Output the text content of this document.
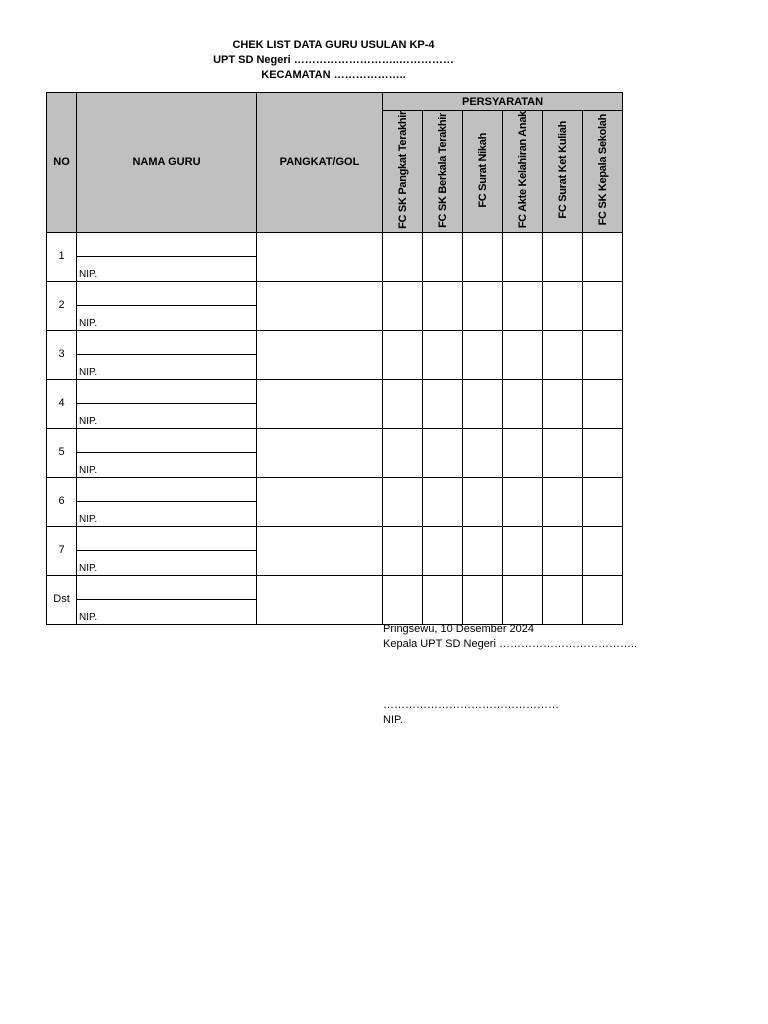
CHEK LIST DATA GURU USULAN KP-4
UPT SD Negeri ………………………..……………
KECAMATAN ………………..
NO	NAMA GURU	PANGKAT/GOL	PERSYARATAN					
			FC SK Pangkat Terakhir	FC SK Berkala Terakhir	FC Surat Nikah	FC Akte Kelahiran Anak	FC Surat Ket Kuliah	FC SK Kepala Sekolah
1	NIP.							

2	NIP.							

3	NIP.							

4	NIP.							

5	NIP.							

6	NIP.							

7	NIP.							

Dst	NIP.							

Pringsewu, 10 Desember 2024
Kepala UPT SD Negeri ………………………………..
…………………………………………
NIP.
